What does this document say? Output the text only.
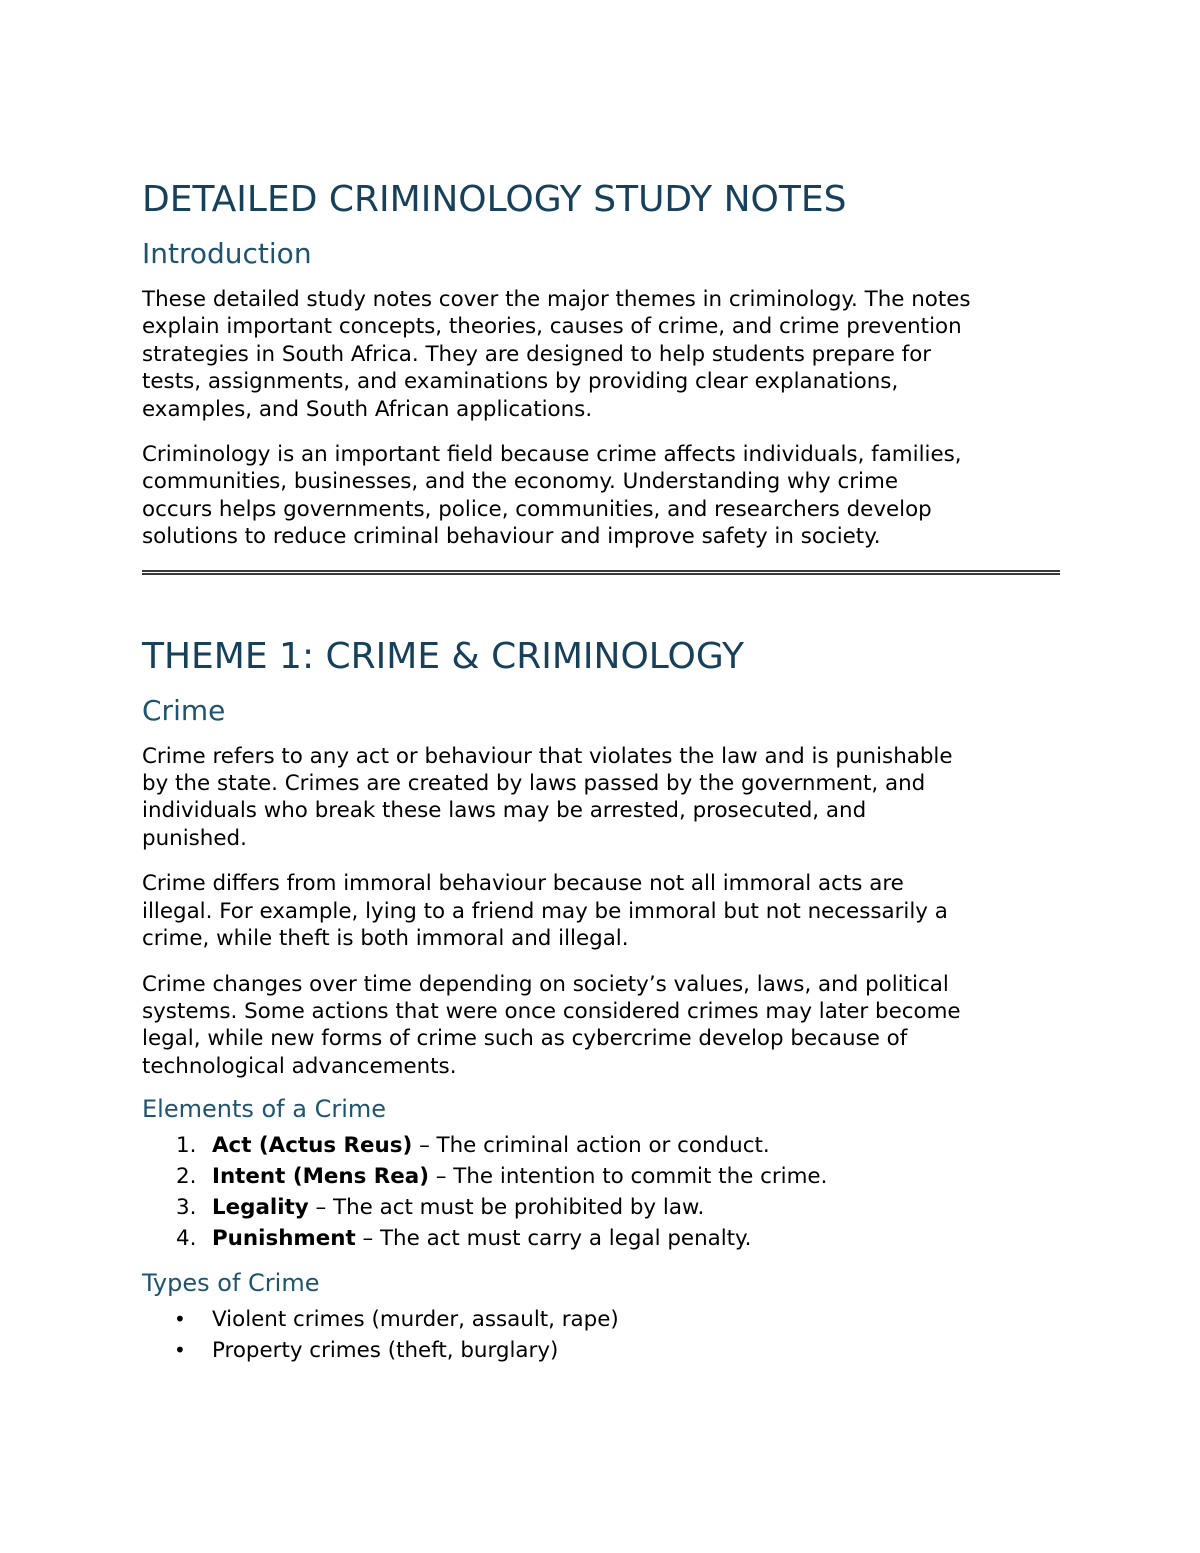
DETAILED CRIMINOLOGY STUDY NOTES
Introduction

These detailed study notes cover the major themes in criminology. The notes

explain important concepts, theories, causes of crime, and crime prevention

strategies in South Africa. They are designed to help students prepare for

tests, assignments, and examinations by providing clear explanations,

examples, and South African applications.

Criminology is an important field because crime affects individuals, families,

communities, businesses, and the economy. Understanding why crime

occurs helps governments, police, communities, and researchers develop

solutions to reduce criminal behaviour and improve safety in society.

THEME 1: CRIME & CRIMINOLOGY
Crime

Crime refers to any act or behaviour that violates the law and is punishable

by the state. Crimes are created by laws passed by the government, and

individuals who break these laws may be arrested, prosecuted, and

punished.

Crime differs from immoral behaviour because not all immoral acts are

illegal. For example, lying to a friend may be immoral but not necessarily a

crime, while theft is both immoral and illegal.

Crime changes over time depending on society’s values, laws, and political

systems. Some actions that were once considered crimes may later become

legal, while new forms of crime such as cybercrime develop because of

technological advancements.

Elements of a Crime
1. Act (Actus Reus) – The criminal action or conduct.
2. Intent (Mens Rea) – The intention to commit the crime.
3. Legality – The act must be prohibited by law.
4. Punishment – The act must carry a legal penalty.
Types of Crime
• Violent crimes (murder, assault, rape)
• Property crimes (theft, burglary)
